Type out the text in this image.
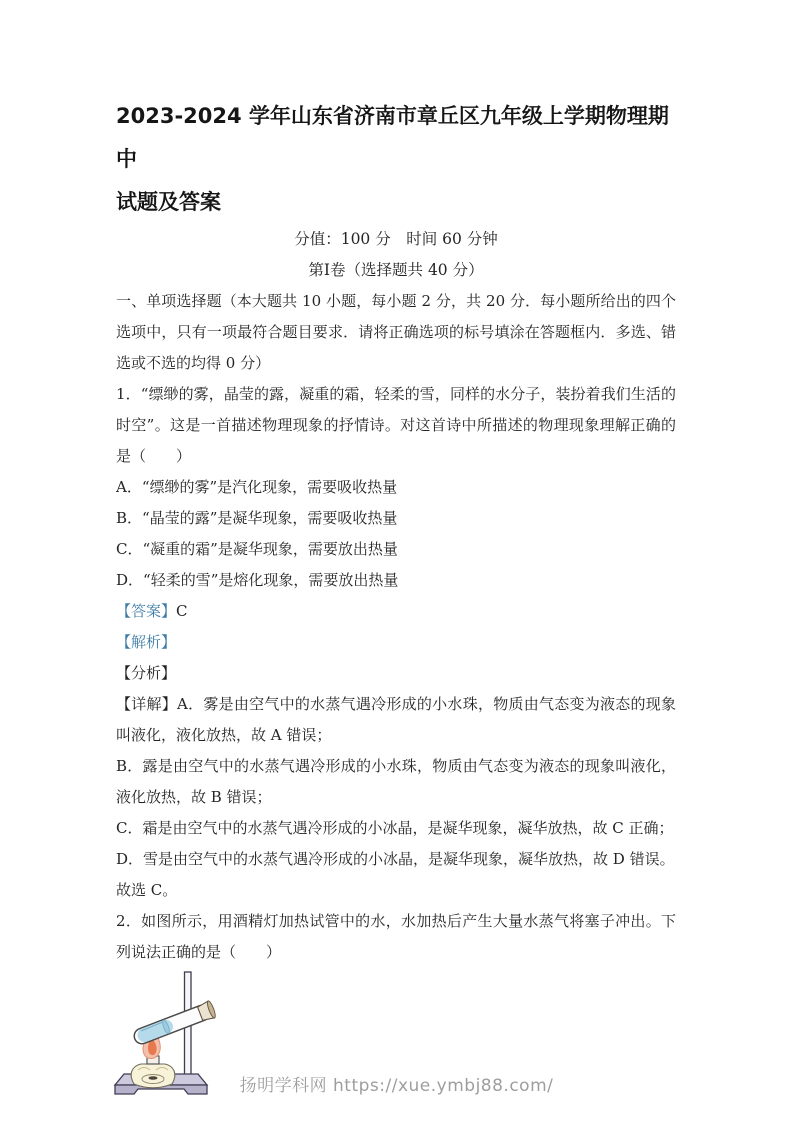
2023-2024 学年山东省济南市章丘区九年级上学期物理期中
试题及答案
分值：100 分　时间 60 分钟
第Ⅰ卷（选择题共 40 分）

一、单项选择题（本大题共 10 小题，每小题 2 分，共 20 分．每小题所给出的四个选项中，只有一项最符合题目要求．请将正确选项的标号填涂在答题框内．多选、错选或不选的均得 0 分）

1．“缥缈的雾，晶莹的露，凝重的霜，轻柔的雪，同样的水分子，装扮着我们生活的时空”。这是一首描述物理现象的抒情诗。对这首诗中所描述的物理现象理解正确的是（　　）

A．“缥缈的雾”是汽化现象，需要吸收热量

B．“晶莹的露”是凝华现象，需要吸收热量

C．“凝重的霜”是凝华现象，需要放出热量

D．“轻柔的雪”是熔化现象，需要放出热量

【答案】C

【解析】

【分析】

【详解】A．雾是由空气中的水蒸气遇冷形成的小水珠，物质由气态变为液态的现象叫液化，液化放热，故 A 错误；

B．露是由空气中的水蒸气遇冷形成的小水珠，物质由气态变为液态的现象叫液化，液化放热，故 B 错误；

C．霜是由空气中的水蒸气遇冷形成的小冰晶，是凝华现象，凝华放热，故 C 正确；

D．雪是由空气中的水蒸气遇冷形成的小冰晶，是凝华现象，凝华放热，故 D 错误。

故选 C。

2．如图所示，用酒精灯加热试管中的水，水加热后产生大量水蒸气将塞子冲出。下列说法正确的是（　　）

扬明学科网 https://xue.ymbj88.com/
